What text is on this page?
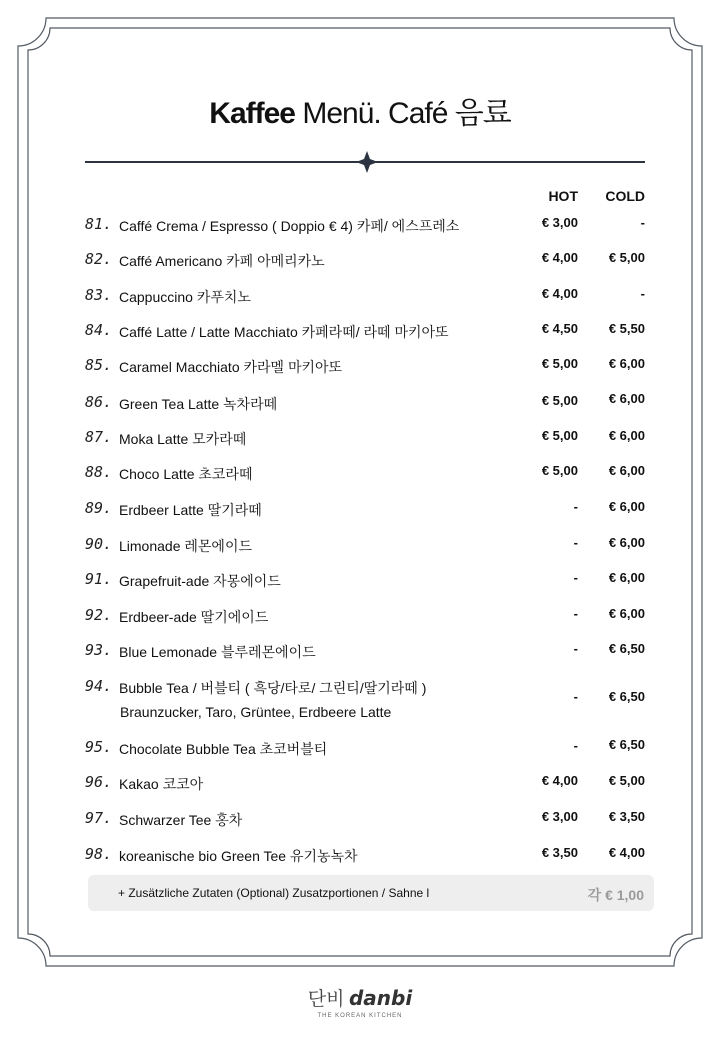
Kaffee Menü. Café 음료
HOT COLD
81. Caffé Crema / Espresso ( Doppio € 4) 카페/ 에스프레소	€ 3,00	-
82. Caffé Americano 카페 아메리카노	€ 4,00 € 5,00
83. Cappuccino 카푸치노	€ 4,00	-
84. Caffé Latte / Latte Macchiato 카페라떼/ 라떼 마키아또	€ 4,50 € 5,50
85. Caramel Macchiato 카라멜 마키아또	€ 5,00 € 6,00
86. Green Tea Latte 녹차라떼	€ 5,00 € 6,00
87. Moka Latte 모카라떼	€ 5,00 € 6,00
88. Choco Latte 초코라떼	€ 5,00 € 6,00
89. Erdbeer Latte 딸기라떼	- € 6,00
90. Limonade 레몬에이드	- € 6,00
91. Grapefruit-ade 자몽에이드	- € 6,00
92. Erdbeer-ade 딸기에이드	- € 6,00
93. Blue Lemonade 블루레몬에이드	- € 6,50
94. Bubble Tea / 버블티 ( 흑당/타로/ 그린티/딸기라떼 )
Braunzucker, Taro, Grüntee, Erdbeere Latte
- € 6,50
95. Chocolate Bubble Tea 초코버블티	- € 6,50
96. Kakao 코코아	€ 4,00 € 5,00
97. Schwarzer Tee 홍차	€ 3,00 € 3,50
98. koreanische bio Green Tee 유기농녹차	€ 3,50 € 4,00
+ Zusätzliche Zutaten (Optional) Zusatzportionen / Sahne l	각 € 1,00
단비 danbi
THE KOREAN KITCHEN
